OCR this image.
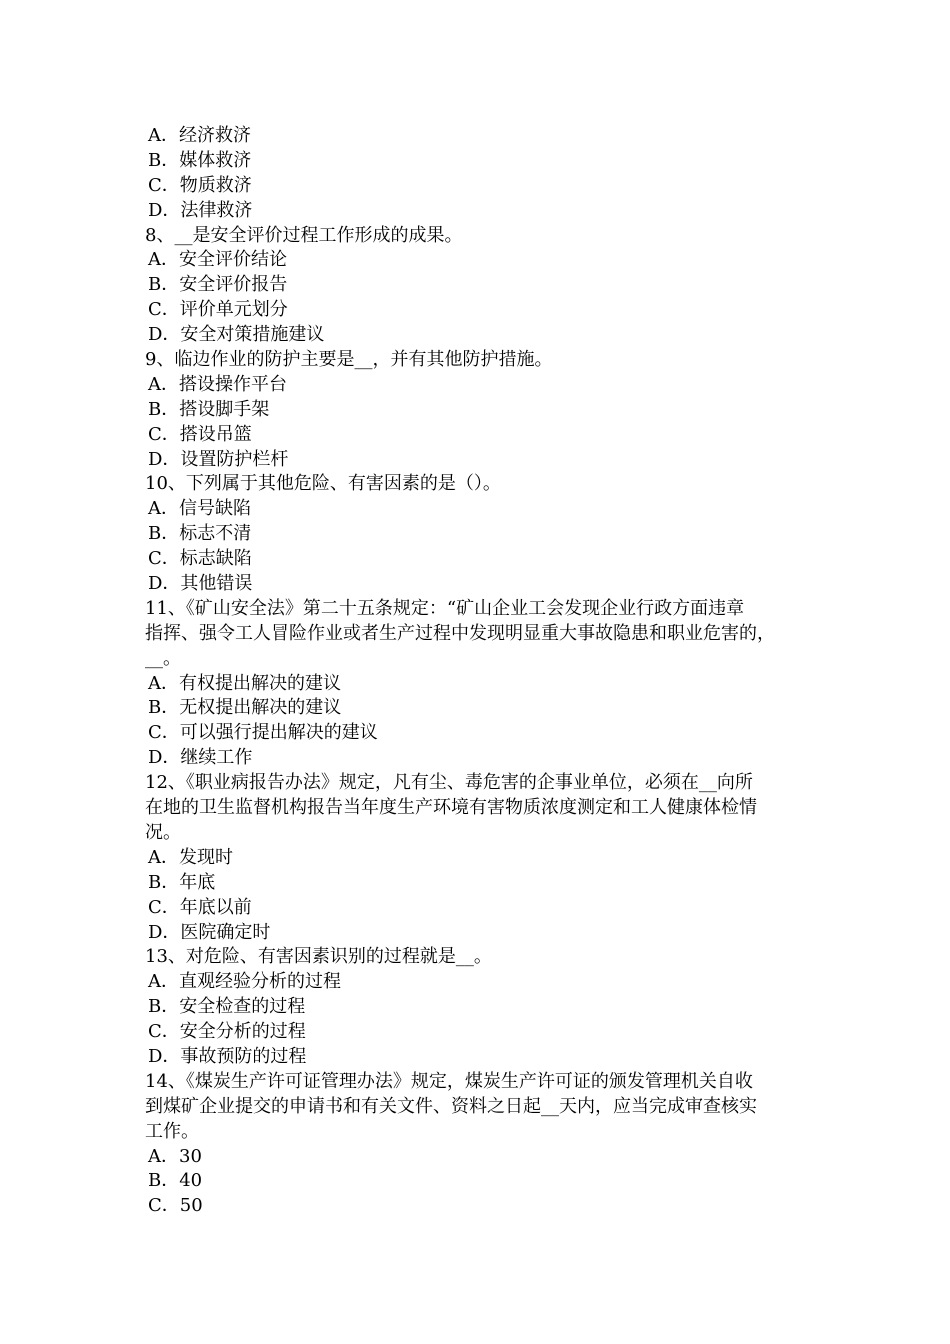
A．经济救济
B．媒体救济
C．物质救济
D．法律救济
8、__是安全评价过程工作形成的成果。
A．安全评价结论
B．安全评价报告
C．评价单元划分
D．安全对策措施建议
9、临边作业的防护主要是__，并有其他防护措施。
A．搭设操作平台
B．搭设脚手架
C．搭设吊篮
D．设置防护栏杆
10、下列属于其他危险、有害因素的是（）。
A．信号缺陷
B．标志不清
C．标志缺陷
D．其他错误
11、《矿山安全法》第二十五条规定：“矿山企业工会发现企业行政方面违章
指挥、强令工人冒险作业或者生产过程中发现明显重大事故隐患和职业危害的，
__。
A．有权提出解决的建议
B．无权提出解决的建议
C．可以强行提出解决的建议
D．继续工作
12、《职业病报告办法》规定，凡有尘、毒危害的企事业单位，必须在__向所
在地的卫生监督机构报告当年度生产环境有害物质浓度测定和工人健康体检情
况。
A．发现时
B．年底
C．年底以前
D．医院确定时
13、对危险、有害因素识别的过程就是__。
A．直观经验分析的过程
B．安全检查的过程
C．安全分析的过程
D．事故预防的过程
14、《煤炭生产许可证管理办法》规定，煤炭生产许可证的颁发管理机关自收
到煤矿企业提交的申请书和有关文件、资料之日起__天内，应当完成审查核实
工作。
A．30
B．40
C．50
